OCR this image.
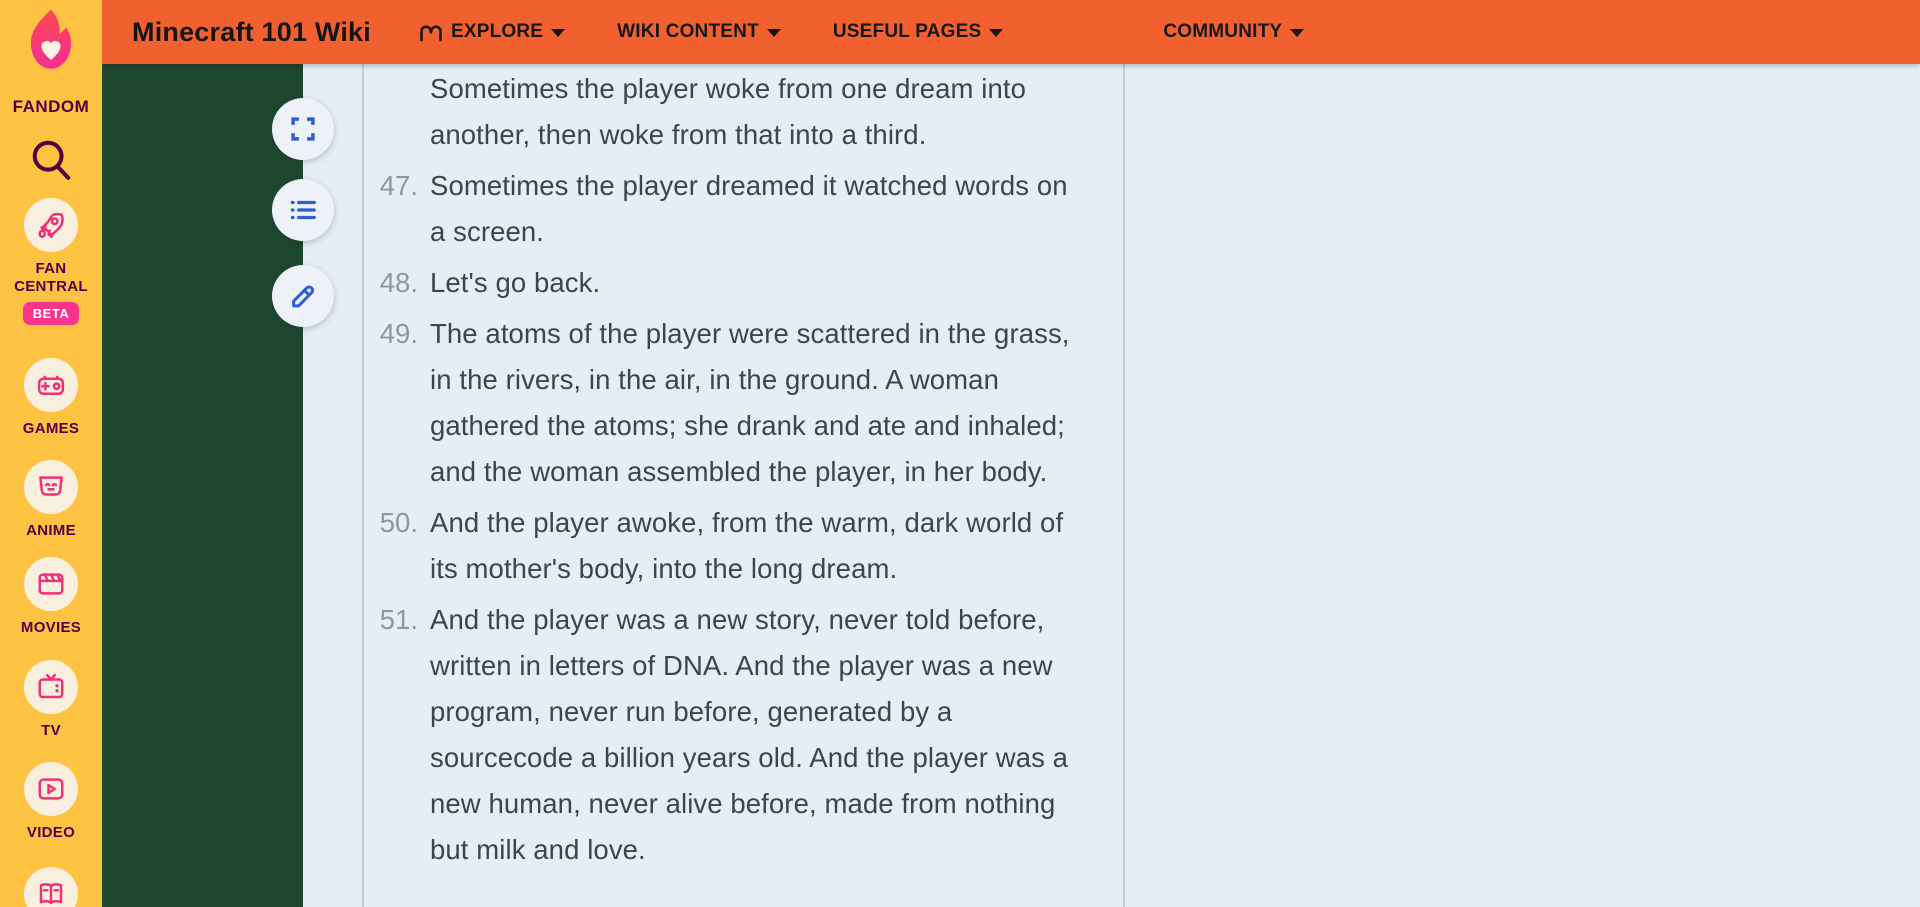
Sometimes the player woke from one dream into another, then woke from that into a third.
47. Sometimes the player dreamed it watched words on a screen.
48. Let's go back.
49. The atoms of the player were scattered in the grass, in the rivers, in the air, in the ground. A woman gathered the atoms; she drank and ate and inhaled; and the woman assembled the player, in her body.
50. And the player awoke, from the warm, dark world of its mother's body, into the long dream.
51. And the player was a new story, never told before, written in letters of DNA. And the player was a new program, never run before, generated by a sourcecode a billion years old. And the player was a new human, never alive before, made from nothing but milk and love.
Minecraft 101 Wiki	EXPLORE	WIKI CONTENT	USEFUL PAGES	COMMUNITY
FANDOM
FAN
CENTRAL
BETA
GAMES
ANIME
MOVIES
TV
VIDEO
